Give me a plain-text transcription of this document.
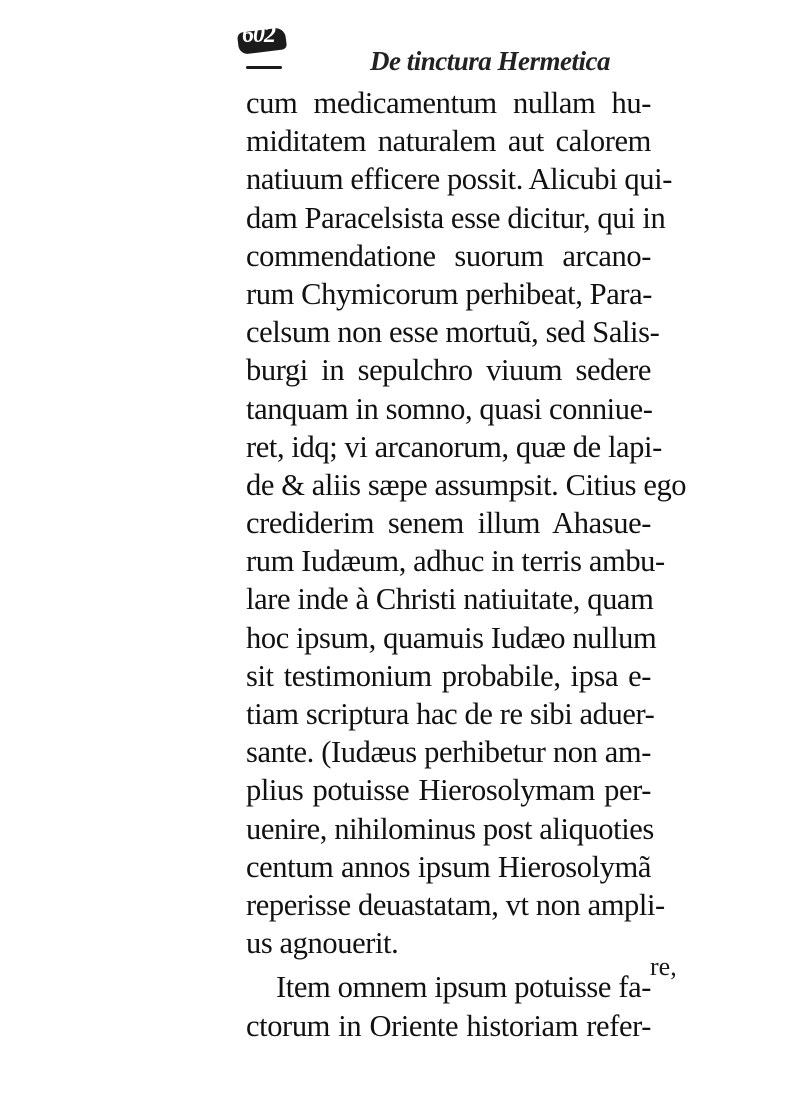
602
De tinctura Hermetica
cum medicamentum nullam hu-
miditatem naturalem aut calorem
natiuum efficere possit. Alicubi qui-
dam Paracelsista esse dicitur, qui in
commendatione suorum arcano-
rum Chymicorum perhibeat, Para-
celsum non esse mortuũ, sed Salis-
burgi in sepulchro viuum sedere
tanquam in somno, quasi conniue-
ret, idq; vi arcanorum, quæ de lapi-
de & aliis sæpe assumpsit. Citius ego
crediderim senem illum Ahasue-
rum Iudæum, adhuc in terris ambu-
lare inde à Christi natiuitate, quam
hoc ipsum, quamuis Iudæo nullum
sit testimonium probabile, ipsa e-
tiam scriptura hac de re sibi aduer-
sante. (Iudæus perhibetur non am-
plius potuisse Hierosolymam per-
uenire, nihilominus post aliquoties
centum annos ipsum Hierosolymã
reperisse deuastatam, vt non ampli-
us agnouerit.
Item omnem ipsum potuisse fa-
ctorum in Oriente historiam refer-
re,
